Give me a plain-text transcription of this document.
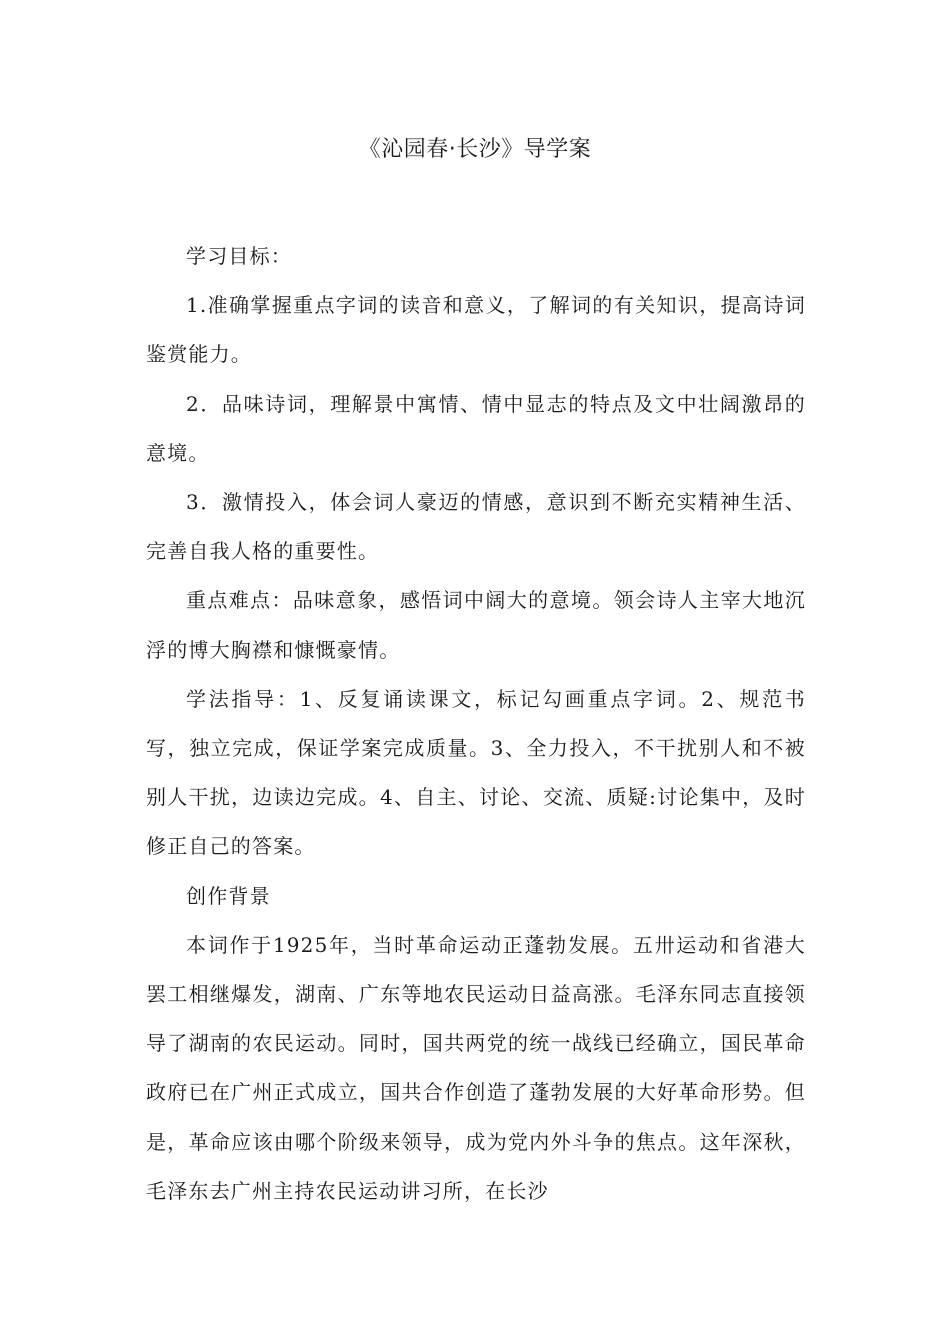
《沁园春·长沙》导学案

学习目标：

1.准确掌握重点字词的读音和意义，了解词的有关知识，提高诗词鉴赏能力。

2．品味诗词，理解景中寓情、情中显志的特点及文中壮阔激昂的意境。

3．激情投入，体会词人豪迈的情感，意识到不断充实精神生活、完善自我人格的重要性。

重点难点：品味意象，感悟词中阔大的意境。领会诗人主宰大地沉浮的博大胸襟和慷慨豪情。

学法指导：1、反复诵读课文，标记勾画重点字词。2、规范书写，独立完成，保证学案完成质量。3、全力投入，不干扰别人和不被别人干扰，边读边完成。4、自主、讨论、交流、质疑:讨论集中，及时修正自己的答案。

创作背景

本词作于1925年，当时革命运动正蓬勃发展。五卅运动和省港大罢工相继爆发，湖南、广东等地农民运动日益高涨。毛泽东同志直接领导了湖南的农民运动。同时，国共两党的统一战线已经确立，国民革命政府已在广州正式成立，国共合作创造了蓬勃发展的大好革命形势。但是，革命应该由哪个阶级来领导，成为党内外斗争的焦点。这年深秋，毛泽东去广州主持农民运动讲习所，在长沙
